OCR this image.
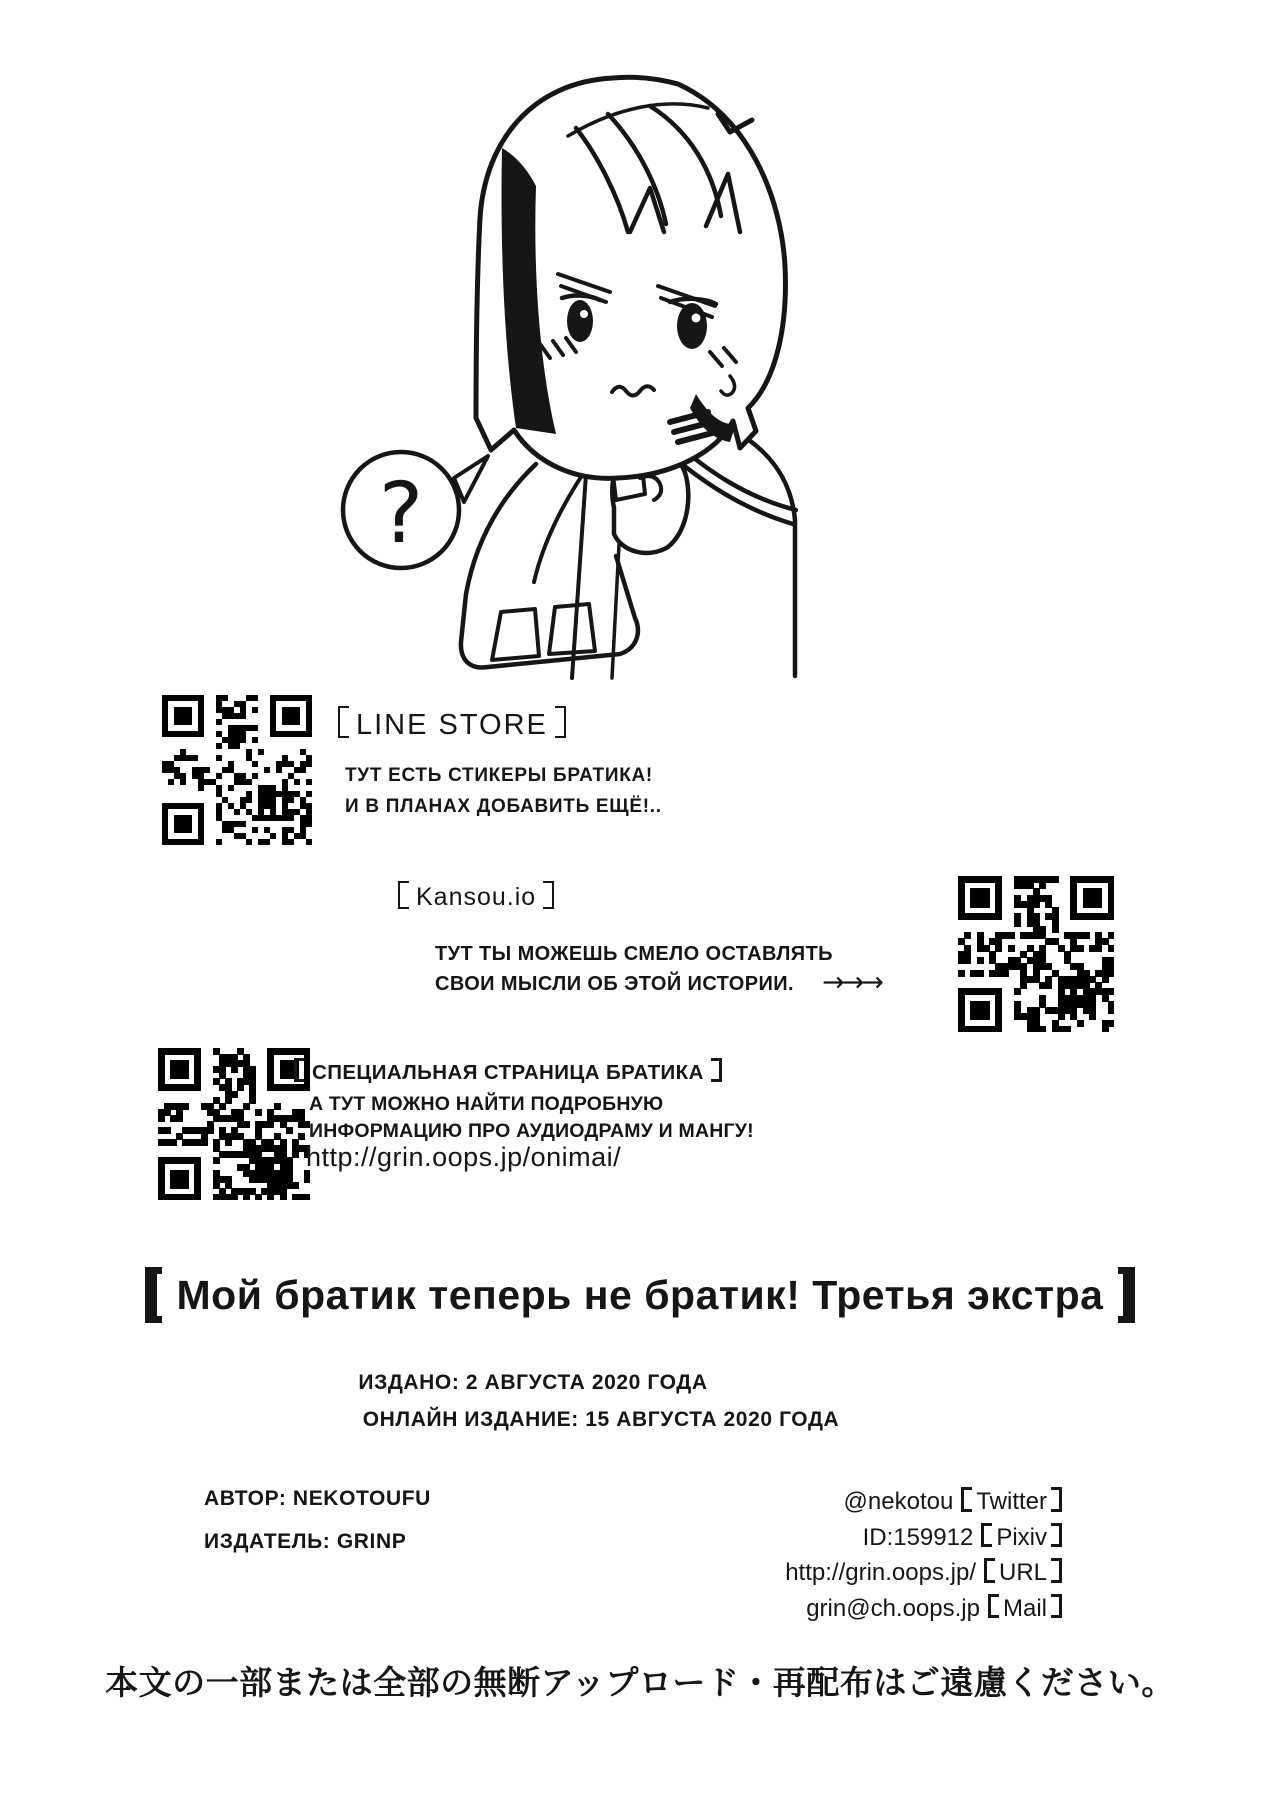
?
LINE STORE
ТУТ ЕСТЬ СТИКЕРЫ БРАТИКА!
И В ПЛАНАХ ДОБАВИТЬ ЕЩЁ!..
Kansou.io
ТУТ ТЫ МОЖЕШЬ СМЕЛО ОСТАВЛЯТЬ
СВОИ МЫСЛИ ОБ ЭТОЙ ИСТОРИИ. →→→
СПЕЦИАЛЬНАЯ СТРАНИЦА БРАТИКА
А ТУТ МОЖНО НАЙТИ ПОДРОБНУЮ
ИНФОРМАЦИЮ ПРО АУДИОДРАМУ И МАНГУ!
http://grin.oops.jp/onimai/
Мой братик теперь не братик! Третья экстра
ИЗДАНО: 2 АВГУСТА 2020 ГОДА
ОНЛАЙН ИЗДАНИЕ: 15 АВГУСТА 2020 ГОДА
АВТОР: NEKOTOUFU
ИЗДАТЕЛЬ: GRINP
@nekotou Twitter
ID:159912 Pixiv
http://grin.oops.jp/ URL
grin@ch.oops.jp Mail
本文の一部または全部の無断アップロード・再配布はご遠慮ください。
